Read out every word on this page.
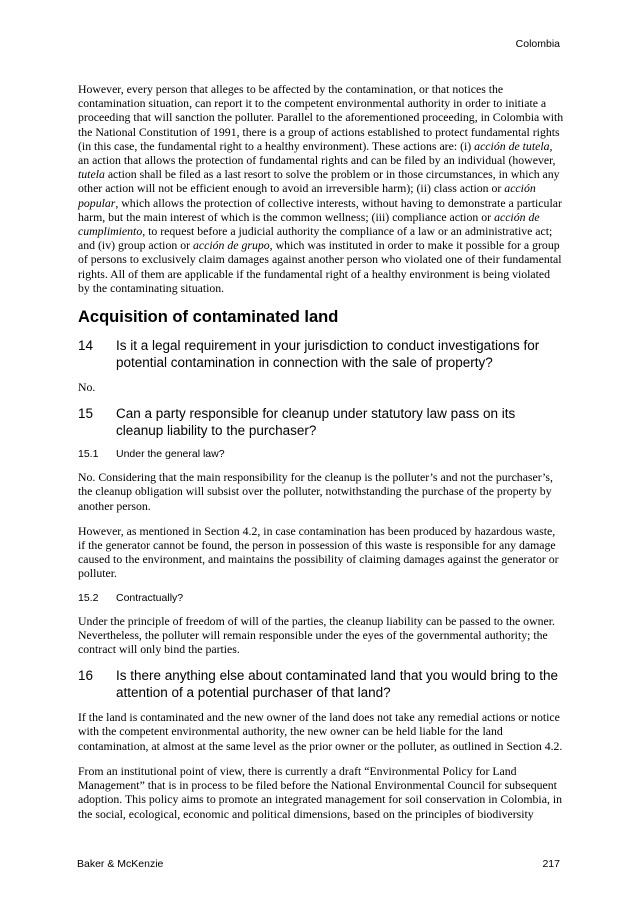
Colombia

However, every person that alleges to be affected by the contamination, or that notices the contamination situation, can report it to the competent environmental authority in order to initiate a proceeding that will sanction the polluter. Parallel to the aforementioned proceeding, in Colombia with the National Constitution of 1991, there is a group of actions established to protect fundamental rights (in this case, the fundamental right to a healthy environment). These actions are: (i) acción de tutela, an action that allows the protection of fundamental rights and can be filed by an individual (however, tutela action shall be filed as a last resort to solve the problem or in those circumstances, in which any other action will not be efficient enough to avoid an irreversible harm); (ii) class action or acción popular, which allows the protection of collective interests, without having to demonstrate a particular harm, but the main interest of which is the common wellness; (iii) compliance action or acción de cumplimiento, to request before a judicial authority the compliance of a law or an administrative act; and (iv) group action or acción de grupo, which was instituted in order to make it possible for a group of persons to exclusively claim damages against another person who violated one of their fundamental rights. All of them are applicable if the fundamental right of a healthy environment is being violated by the contaminating situation.

Acquisition of contaminated land
14	Is it a legal requirement in your jurisdiction to conduct investigations for potential contamination in connection with the sale of property?

No.

15	Can a party responsible for cleanup under statutory law pass on its cleanup liability to the purchaser?
15.1	Under the general law?

No. Considering that the main responsibility for the cleanup is the polluter’s and not the purchaser’s, the cleanup obligation will subsist over the polluter, notwithstanding the purchase of the property by another person.

However, as mentioned in Section 4.2, in case contamination has been produced by hazardous waste, if the generator cannot be found, the person in possession of this waste is responsible for any damage caused to the environment, and maintains the possibility of claiming damages against the generator or polluter.

15.2	Contractually?

Under the principle of freedom of will of the parties, the cleanup liability can be passed to the owner. Nevertheless, the polluter will remain responsible under the eyes of the governmental authority; the contract will only bind the parties.

16	Is there anything else about contaminated land that you would bring to the attention of a potential purchaser of that land?

If the land is contaminated and the new owner of the land does not take any remedial actions or notice with the competent environmental authority, the new owner can be held liable for the land contamination, at almost at the same level as the prior owner or the polluter, as outlined in Section 4.2.

From an institutional point of view, there is currently a draft “Environmental Policy for Land Management” that is in process to be filed before the National Environmental Council for subsequent adoption. This policy aims to promote an integrated management for soil conservation in Colombia, in the social, ecological, economic and political dimensions, based on the principles of biodiversity

Baker & McKenzie	217
